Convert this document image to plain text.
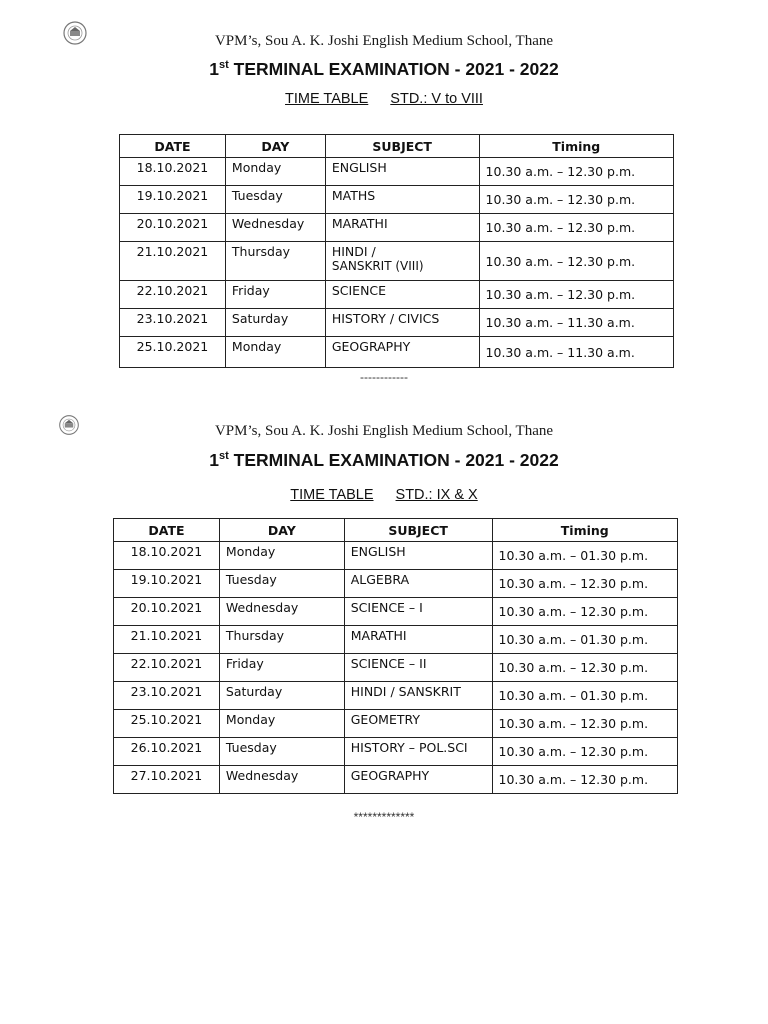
VPM’s, Sou A. K. Joshi English Medium School, Thane
1st TERMINAL EXAMINATION - 2021 - 2022
TIME TABLE STD.: V to VIII
DATE	DAY	SUBJECT	Timing
18.10.2021	Monday	ENGLISH	10.30 a.m. – 12.30 p.m.
19.10.2021	Tuesday	MATHS	10.30 a.m. – 12.30 p.m.
20.10.2021	Wednesday	MARATHI	10.30 a.m. – 12.30 p.m.
21.10.2021	Thursday	HINDI /
SANSKRIT (VIII)	10.30 a.m. – 12.30 p.m.
22.10.2021	Friday	SCIENCE	10.30 a.m. – 12.30 p.m.
23.10.2021	Saturday	HISTORY / CIVICS	10.30 a.m. – 11.30 a.m.
25.10.2021	Monday	GEOGRAPHY	10.30 a.m. – 11.30 a.m.
------------
VPM’s, Sou A. K. Joshi English Medium School, Thane
1st TERMINAL EXAMINATION - 2021 - 2022
TIME TABLE STD.: IX & X
DATE	DAY	SUBJECT	Timing
18.10.2021	Monday	ENGLISH	10.30 a.m. – 01.30 p.m.
19.10.2021	Tuesday	ALGEBRA	10.30 a.m. – 12.30 p.m.
20.10.2021	Wednesday	SCIENCE – I	10.30 a.m. – 12.30 p.m.
21.10.2021	Thursday	MARATHI	10.30 a.m. – 01.30 p.m.
22.10.2021	Friday	SCIENCE – II	10.30 a.m. – 12.30 p.m.
23.10.2021	Saturday	HINDI / SANSKRIT	10.30 a.m. – 01.30 p.m.
25.10.2021	Monday	GEOMETRY	10.30 a.m. – 12.30 p.m.
26.10.2021	Tuesday	HISTORY – POL.SCI	10.30 a.m. – 12.30 p.m.
27.10.2021	Wednesday	GEOGRAPHY	10.30 a.m. – 12.30 p.m.
*************
